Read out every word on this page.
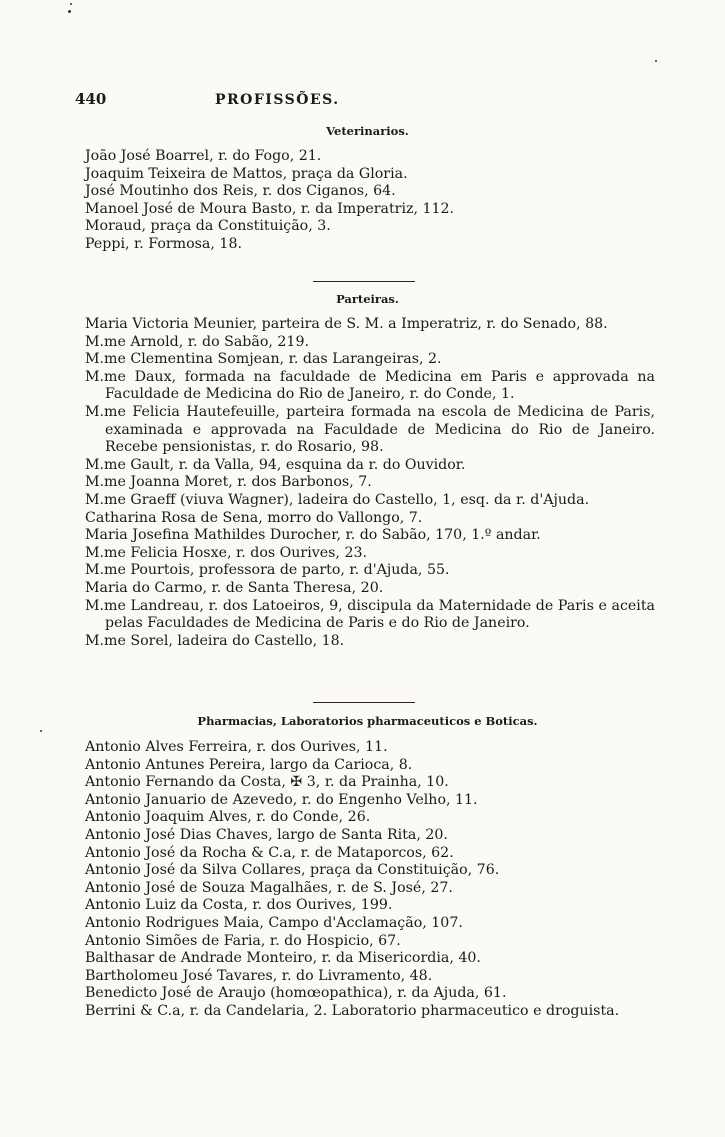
440	PROFISSÕES.
Veterinarios.
João José Boarrel, r. do Fogo, 21.
Joaquim Teixeira de Mattos, praça da Gloria.
José Moutinho dos Reis, r. dos Ciganos, 64.
Manoel José de Moura Basto, r. da Imperatriz, 112.
Moraud, praça da Constituição, 3.
Peppi, r. Formosa, 18.
Parteiras.
Maria Victoria Meunier, parteira de S. M. a Imperatriz, r. do Senado, 88.
M.me Arnold, r. do Sabão, 219.
M.me Clementina Somjean, r. das Larangeiras, 2.
M.me Daux, formada na faculdade de Medicina em Paris e approvada na Faculdade de Medicina do Rio de Janeiro, r. do Conde, 1.
M.me Felicia Hautefeuille, parteira formada na escola de Medicina de Paris, examinada e approvada na Faculdade de Medicina do Rio de Janeiro. Recebe pensionistas, r. do Rosario, 98.
M.me Gault, r. da Valla, 94, esquina da r. do Ouvidor.
M.me Joanna Moret, r. dos Barbonos, 7.
M.me Graeff (viuva Wagner), ladeira do Castello, 1, esq. da r. d'Ajuda.
Catharina Rosa de Sena, morro do Vallongo, 7.
Maria Josefina Mathildes Durocher, r. do Sabão, 170, 1.º andar.
M.me Felicia Hosxe, r. dos Ourives, 23.
M.me Pourtois, professora de parto, r. d'Ajuda, 55.
Maria do Carmo, r. de Santa Theresa, 20.
M.me Landreau, r. dos Latoeiros, 9, discipula da Maternidade de Paris e aceita pelas Faculdades de Medicina de Paris e do Rio de Janeiro.
M.me Sorel, ladeira do Castello, 18.
Pharmacias, Laboratorios pharmaceuticos e Boticas.
Antonio Alves Ferreira, r. dos Ourives, 11.
Antonio Antunes Pereira, largo da Carioca, 8.
Antonio Fernando da Costa, ✠ 3, r. da Prainha, 10.
Antonio Januario de Azevedo, r. do Engenho Velho, 11.
Antonio Joaquim Alves, r. do Conde, 26.
Antonio José Dias Chaves, largo de Santa Rita, 20.
Antonio José da Rocha & C.a, r. de Mataporcos, 62.
Antonio José da Silva Collares, praça da Constituição, 76.
Antonio José de Souza Magalhães, r. de S. José, 27.
Antonio Luiz da Costa, r. dos Ourives, 199.
Antonio Rodrigues Maia, Campo d'Acclamação, 107.
Antonio Simões de Faria, r. do Hospicio, 67.
Balthasar de Andrade Monteiro, r. da Misericordia, 40.
Bartholomeu José Tavares, r. do Livramento, 48.
Benedicto José de Araujo (homœopathica), r. da Ajuda, 61.
Berrini & C.a, r. da Candelaria, 2. Laboratorio pharmaceutico e droguista.
